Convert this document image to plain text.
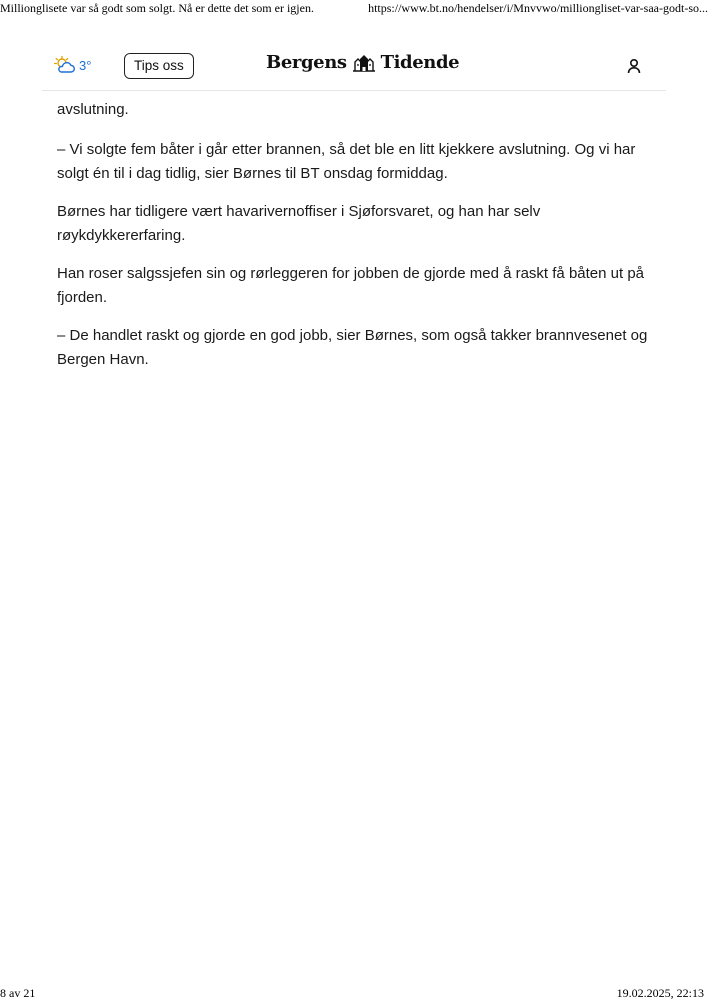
Millionglisete var så godt som solgt. Nå er dette det som er igjen.	https://www.bt.no/hendelser/i/Mnvvwo/milliongliset-var-saa-godt-so...
3°	Tips oss	Bergens Tidende

avslutning.

– Vi solgte fem båter i går etter brannen, så det ble en litt kjekkere avslutning. Og vi har solgt én til i dag tidlig, sier Børnes til BT onsdag formiddag.

Børnes har tidligere vært havarivernoffiser i Sjøforsvaret, og han har selv røykdykkererfaring.

Han roser salgssjefen sin og rørleggeren for jobben de gjorde med å raskt få båten ut på fjorden.

– De handlet raskt og gjorde en god jobb, sier Børnes, som også takker brannvesenet og Bergen Havn.

8 av 21	19.02.2025, 22:13
